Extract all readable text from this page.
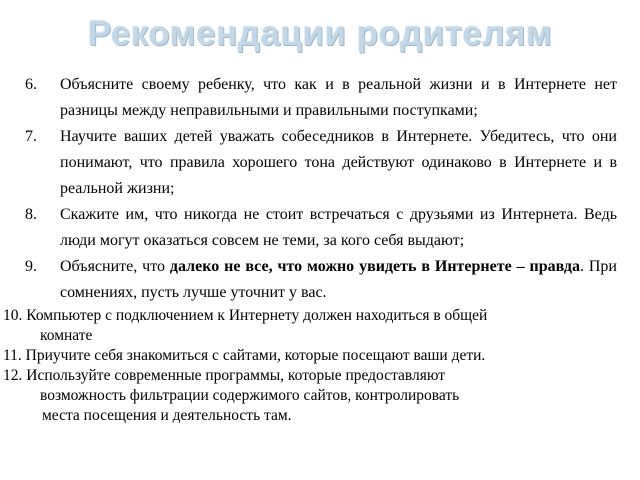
Рекомендации родителям
6. Объясните своему ребенку, что как и в реальной жизни и в Интернете нет разницы между неправильными и правильными поступками;
7. Научите ваших детей уважать собеседников в Интернете. Убедитесь, что они понимают, что правила хорошего тона действуют одинаково в Интернете и в реальной жизни;
8. Скажите им, что никогда не стоит встречаться с друзьями из Интернета. Ведь люди могут оказаться совсем не теми, за кого себя выдают;
9. Объясните, что далеко не все, что можно увидеть в Интернете – правда. При сомнениях, пусть лучше уточнит у вас.
10. Компьютер с подключением к Интернету должен находиться в общей
комнате
11. Приучите себя знакомиться с сайтами, которые посещают ваши дети.
12. Используйте современные программы, которые предоставляют
возможность фильтрации содержимого сайтов, контролировать
места посещения и деятельность там.
